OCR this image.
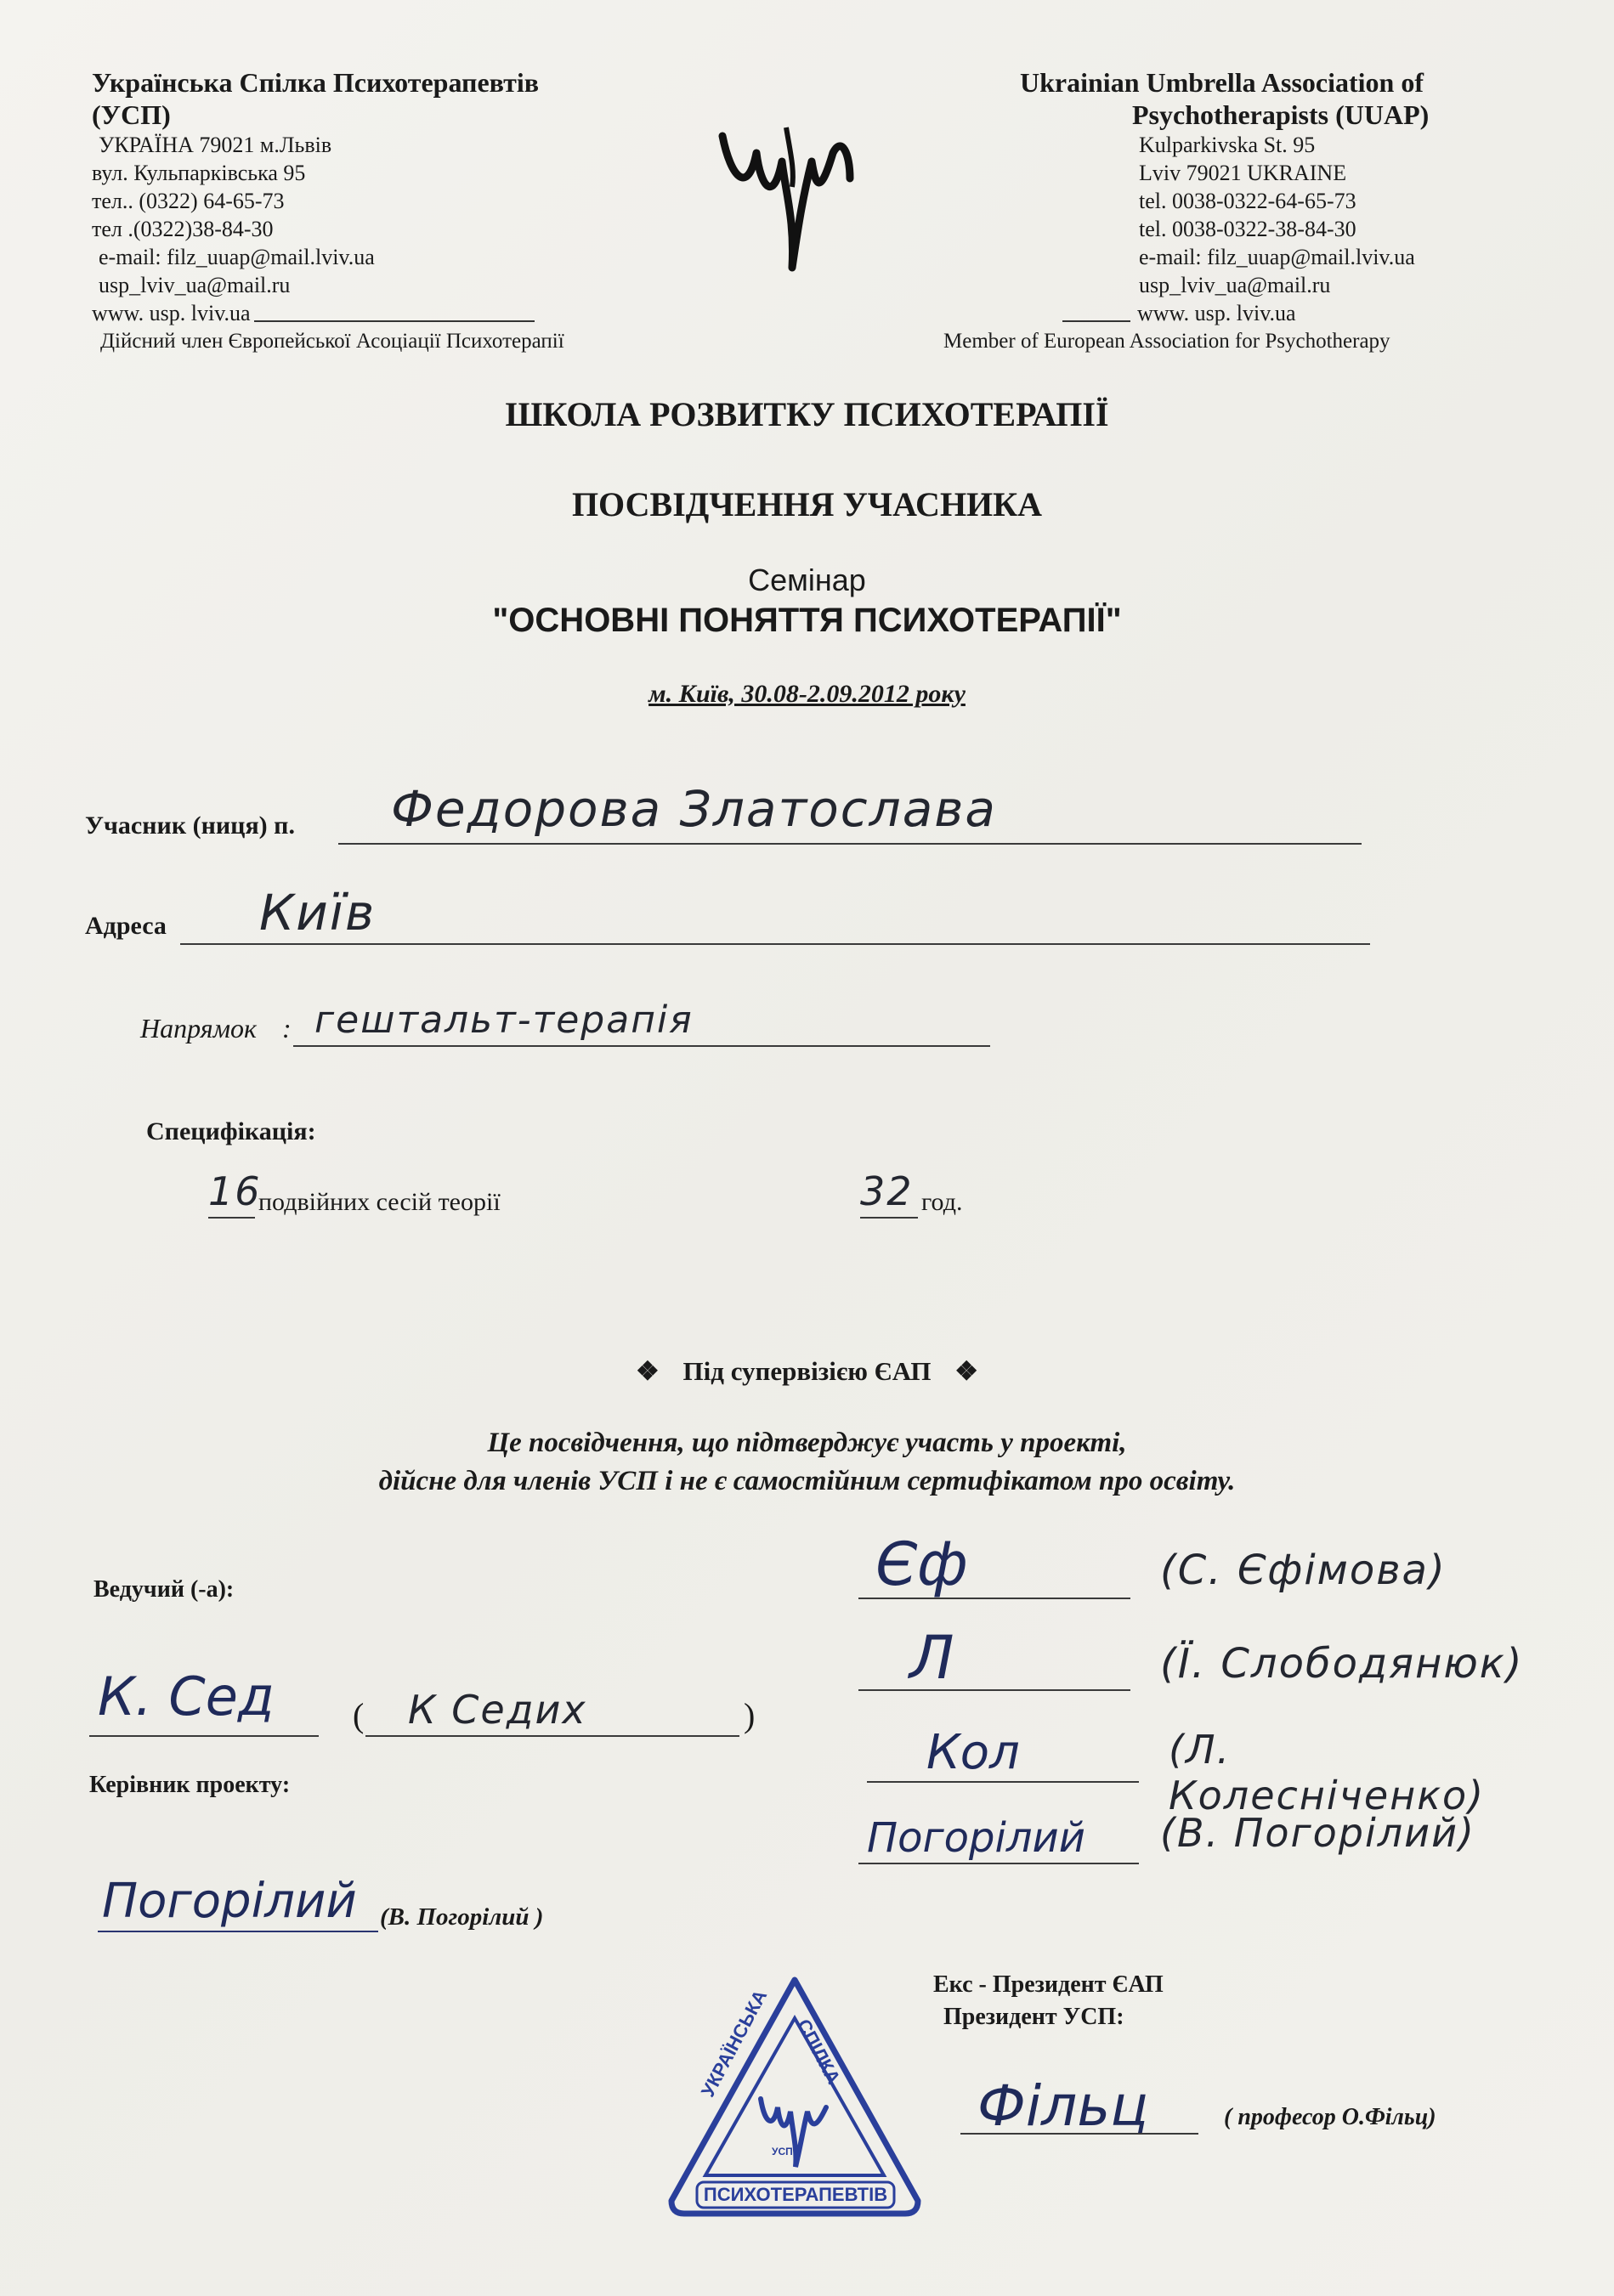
Українська Спілка Психотерапевтів
(УСП)
УКРАЇНА 79021 м.Львів
вул. Кульпарківська 95
тел.. (0322) 64-65-73
тел .(0322)38-84-30
e-mail: filz_uuap@mail.lviv.ua
usp_lviv_ua@mail.ru
www. usp. lviv.ua
Дійсний член Європейської Асоціації Психотерапії
Ukrainian Umbrella Association of
Psychotherapists (UUAP)
Kulparkivska St. 95
Lviv 79021 UKRAINE
tel. 0038-0322-64-65-73
tel. 0038-0322-38-84-30
e-mail: filz_uuap@mail.lviv.ua
usp_lviv_ua@mail.ru
www. usp. lviv.ua
Member of European Association for Psychotherapy
ШКОЛА РОЗВИТКУ ПСИХОТЕРАПІЇ
ПОСВІДЧЕННЯ УЧАСНИКА
Семінар
"ОСНОВНІ ПОНЯТТЯ ПСИХОТЕРАПІЇ"
м. Київ, 30.08-2.09.2012 року
Учасник (ниця) п. Федорова Златослава
Адреса Київ
Напрямок : гештальт-терапія
Специфікація:
16
подвійних сесій теорії	32 год.
❖ Під супервізією ЄАП ❖
Це посвідчення, що підтверджує участь у проекті,
дійсне для членів УСП і не є самостійним сертифікатом про освіту.
Ведучий (-а):
К. Сед ( К Седих	)
Єф	(С. Єфімова)
Л	(Ї. Слободянюк)
Кол	(Л. Колесніченко)
Погорілий (В. Погорілий)
Керівник проекту:
Погорілий (В. Погорілий )
УКРАЇНСЬКА СПІЛКА
ПСИХОТЕРАПЕВТІВ
УСП
Екс - Президент ЄАП
Президент УСП:
Фільц	( професор О.Фільц)
